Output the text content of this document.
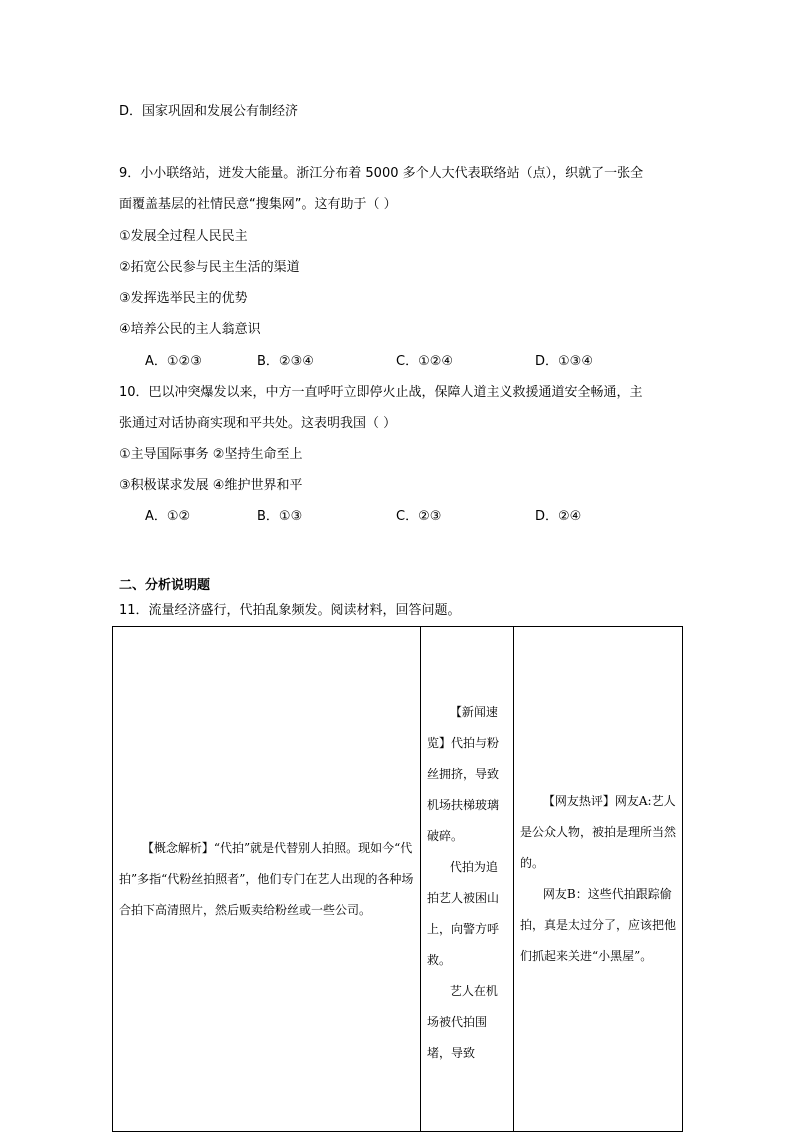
D．国家巩固和发展公有制经济
9．小小联络站，迸发大能量。浙江分布着 5000 多个人大代表联络站（点），织就了一张全
面覆盖基层的社情民意“搜集网”。这有助于（ ）
①发展全过程人民民主
②拓宽公民参与民主生活的渠道
③发挥选举民主的优势
④培养公民的主人翁意识
A．①②③	B．②③④	C．①②④	D．①③④
10．巴以冲突爆发以来，中方一直呼吁立即停火止战，保障人道主义救援通道安全畅通，主
张通过对话协商实现和平共处。这表明我国（ ）
①主导国际事务 ②坚持生命至上
③积极谋求发展 ④维护世界和平
A．①②	B．①③	C．②③	D．②④
二、分析说明题
11．流量经济盛行，代拍乱象频发。阅读材料，回答问题。

【概念解析】“代拍”就是代替别人拍照。现如今“代拍”多指“代粉丝拍照者”，他们专门在艺人出现的各种场合拍下高清照片，然后贩卖给粉丝或一些公司。

【新闻速览】代拍与粉丝拥挤，导致机场扶梯玻璃破碎。
代拍为追拍艺人被困山上，向警方呼救。
艺人在机场被代拍围堵，导致

【网友热评】网友A:艺人是公众人物，被拍是理所当然的。
网友B：这些代拍跟踪偷拍，真是太过分了，应该把他们抓起来关进“小黑屋”。
